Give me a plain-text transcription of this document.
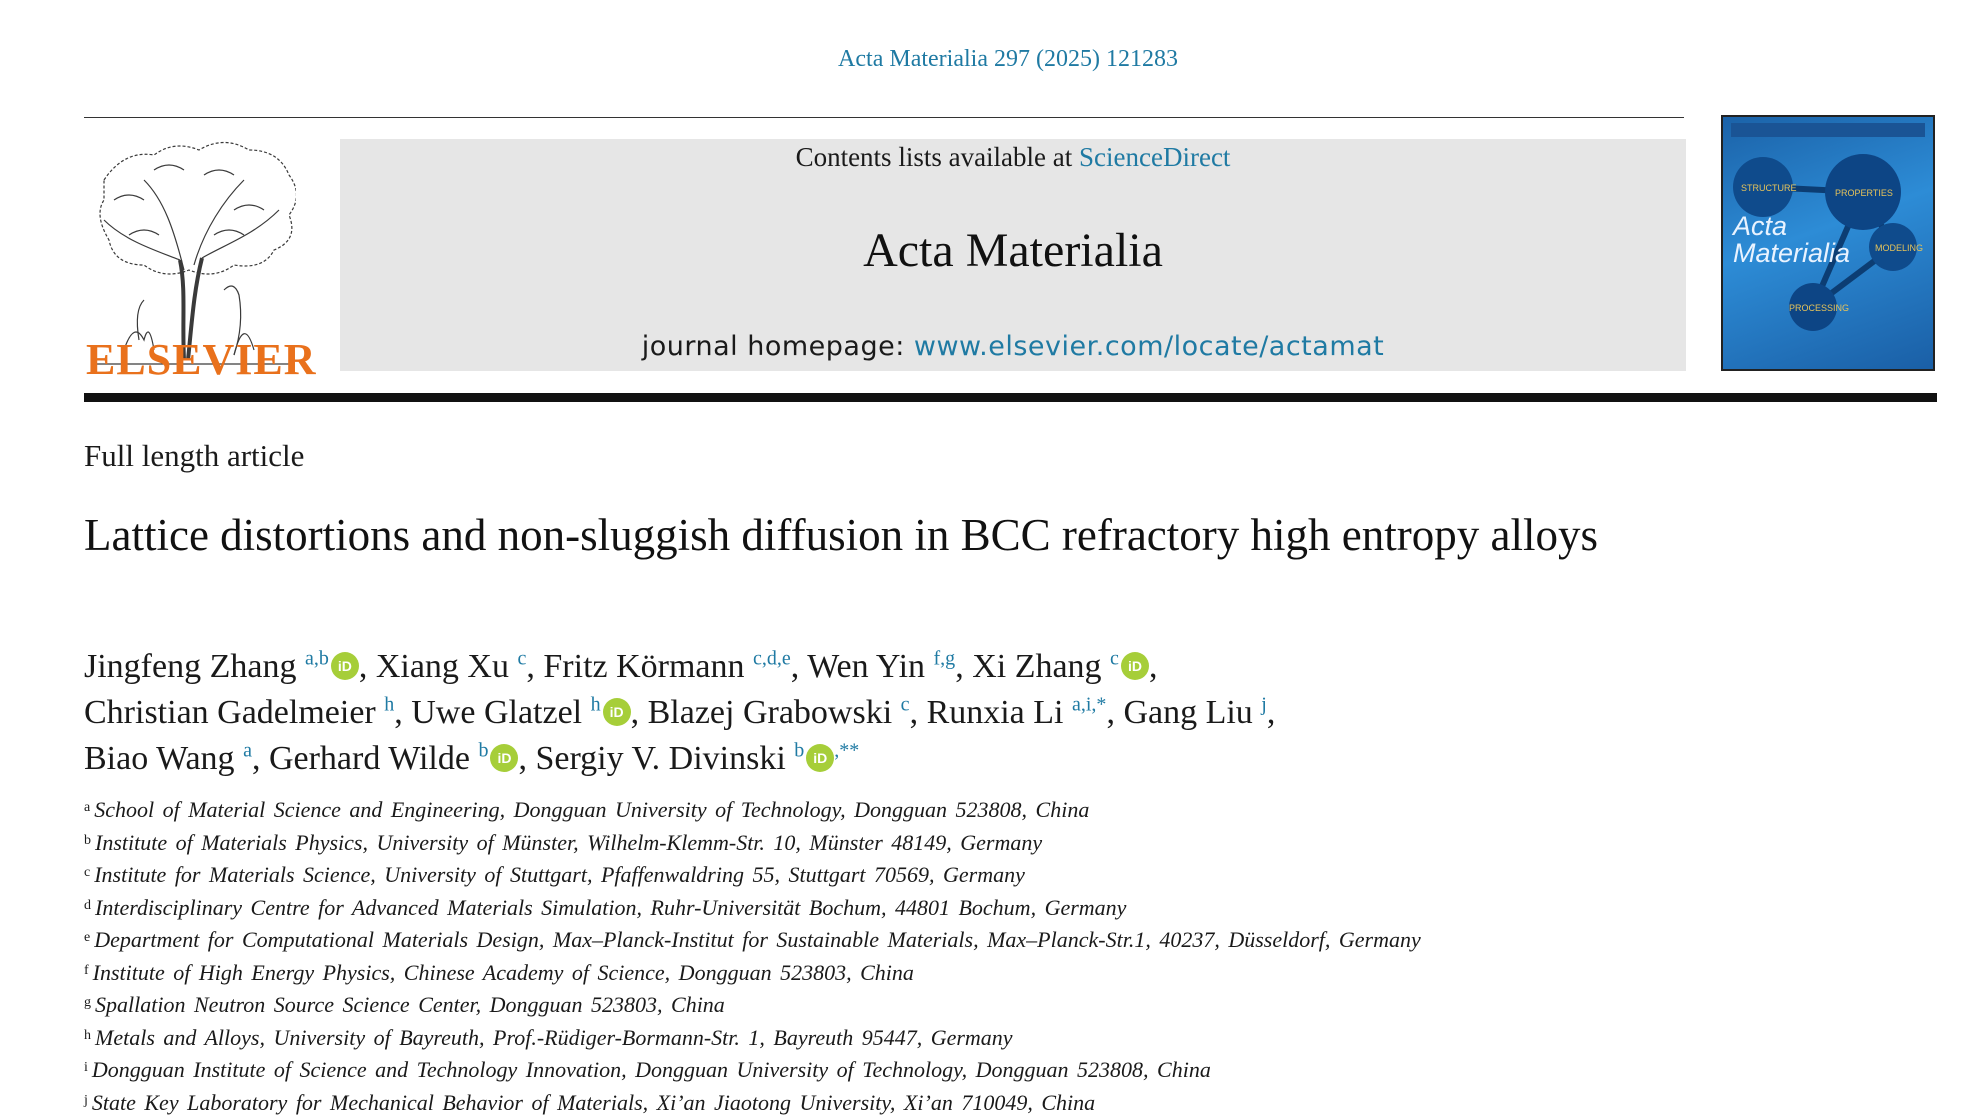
Acta Materialia 297 (2025) 121283
ELSEVIER
Contents lists available at ScienceDirect
Acta Materialia
journal homepage: www.elsevier.com/locate/actamat
STRUCTURE	PROPERTIES
MODELING
PROCESSING
Acta
Materialia
Full length article
Lattice distortions and non-sluggish diffusion in BCC refractory high entropy alloys
Jingfeng Zhang $^{a,b}$ iD , Xiang Xu $^c$, Fritz Körmann $^{c,d,e}$, Wen Yin $^{f,g}$, Xi Zhang $^c$ iD ,
Christian Gadelmeier $^h$, Uwe Glatzel $^h$ iD , Blazej Grabowski $^c$, Runxia Li $^{a,i,*}$, Gang Liu $^j$,
Biao Wang $^a$, Gerhard Wilde $^b$ iD , Sergiy V. Divinski $^b$ iD ,**
$^a$ School of Material Science and Engineering, Dongguan University of Technology, Dongguan 523808, China
$^b$ Institute of Materials Physics, University of Münster, Wilhelm-Klemm-Str. 10, Münster 48149, Germany
$^c$ Institute for Materials Science, University of Stuttgart, Pfaffenwaldring 55, Stuttgart 70569, Germany
$^d$ Interdisciplinary Centre for Advanced Materials Simulation, Ruhr-Universität Bochum, 44801 Bochum, Germany
$^e$ Department for Computational Materials Design, Max–Planck-Institut for Sustainable Materials, Max–Planck-Str.1, 40237, Düsseldorf, Germany
$^f$ Institute of High Energy Physics, Chinese Academy of Science, Dongguan 523803, China
$^g$ Spallation Neutron Source Science Center, Dongguan 523803, China
$^h$ Metals and Alloys, University of Bayreuth, Prof.-Rüdiger-Bormann-Str. 1, Bayreuth 95447, Germany
$^i$ Dongguan Institute of Science and Technology Innovation, Dongguan University of Technology, Dongguan 523808, China
$^j$ State Key Laboratory for Mechanical Behavior of Materials, Xi’an Jiaotong University, Xi’an 710049, China
